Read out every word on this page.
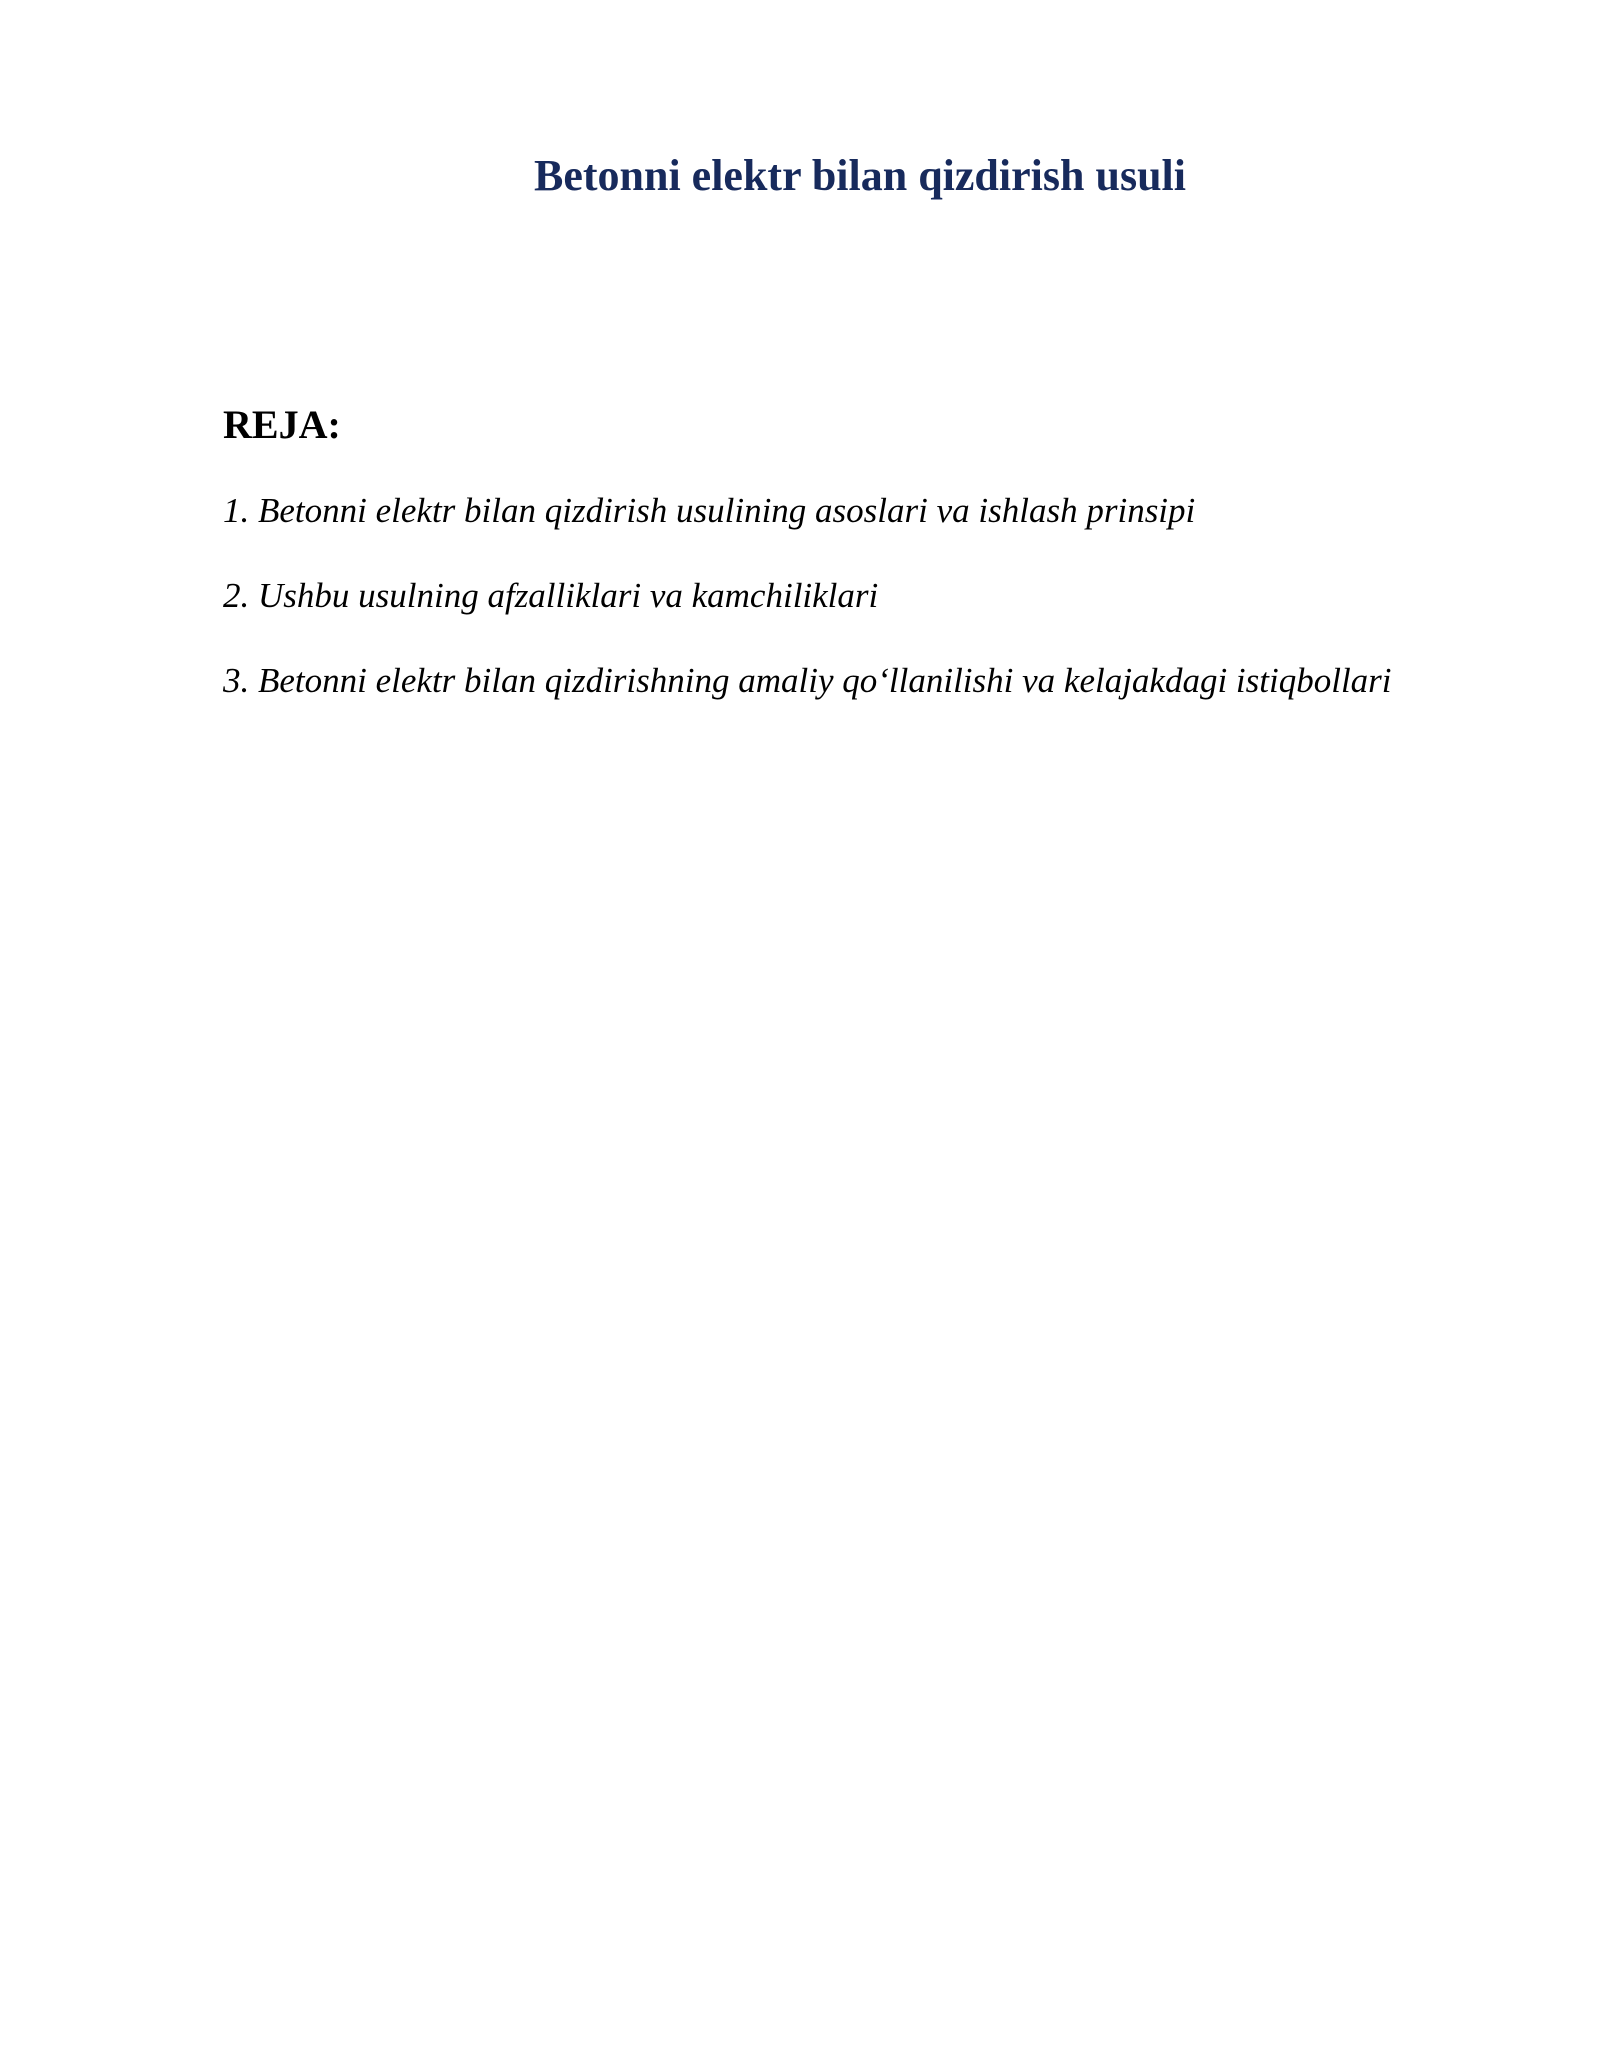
Betonni elektr bilan qizdirish usuli
REJA:
1. Betonni elektr bilan qizdirish usulining asoslari va ishlash prinsipi
2. Ushbu usulning afzalliklari va kamchiliklari
3. Betonni elektr bilan qizdirishning amaliy qo‘llanilishi va kelajakdagi istiqbollari
